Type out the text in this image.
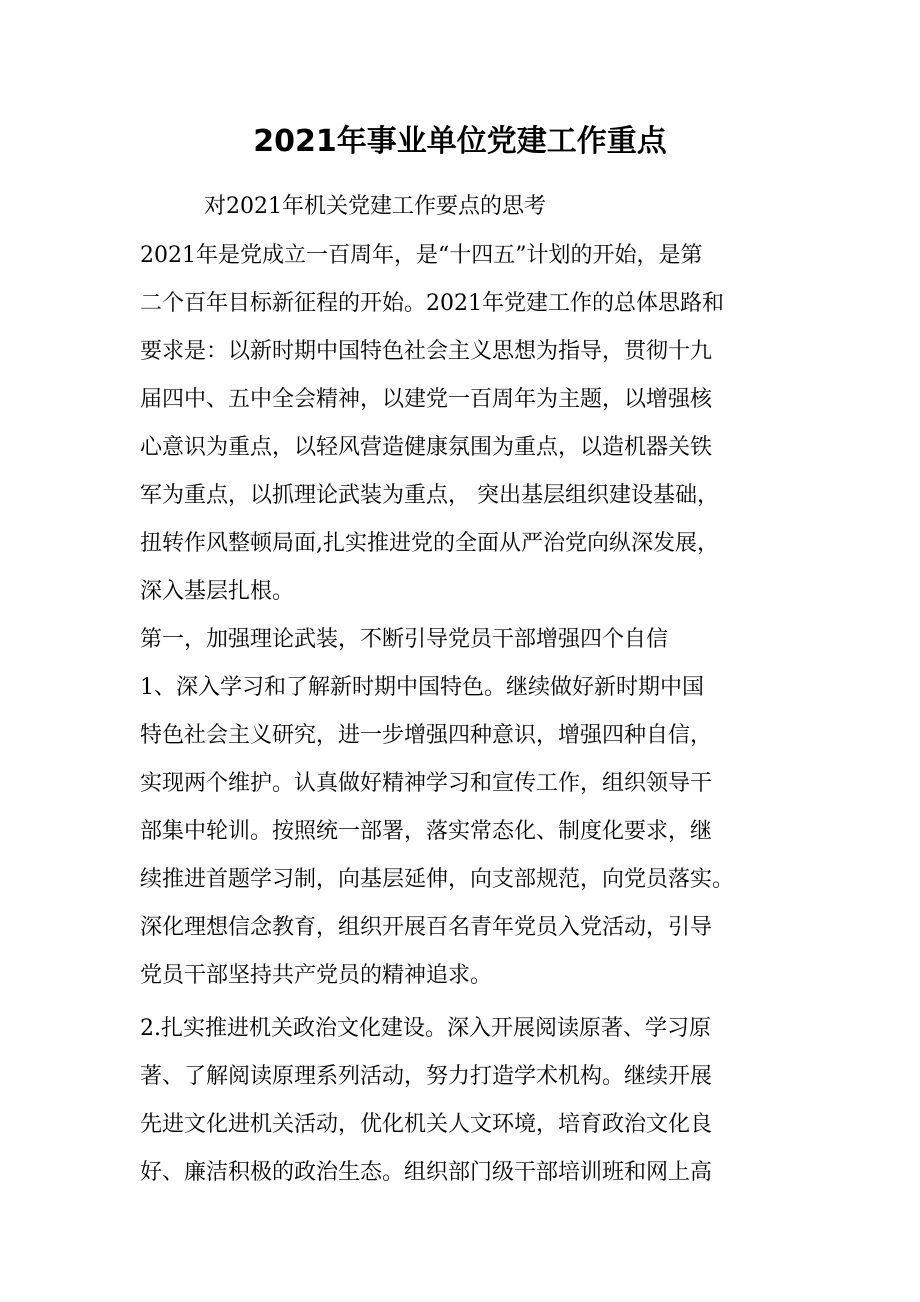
2021年事业单位党建工作重点
对2021年机关党建工作要点的思考
2021年是党成立一百周年，是“十四五”计划的开始，是第
二个百年目标新征程的开始。2021年党建工作的总体思路和
要求是：以新时期中国特色社会主义思想为指导，贯彻十九
届四中、五中全会精神，以建党一百周年为主题，以增强核
心意识为重点，以轻风营造健康氛围为重点，以造机器关铁
军为重点，以抓理论武装为重点， 突出基层组织建设基础，
扭转作风整顿局面,扎实推进党的全面从严治党向纵深发展，
深入基层扎根。
第一，加强理论武装，不断引导党员干部增强四个自信
1、深入学习和了解新时期中国特色。继续做好新时期中国
特色社会主义研究，进一步增强四种意识，增强四种自信，
实现两个维护。认真做好精神学习和宣传工作，组织领导干
部集中轮训。按照统一部署，落实常态化、制度化要求，继
续推进首题学习制，向基层延伸，向支部规范，向党员落实。
深化理想信念教育，组织开展百名青年党员入党活动，引导
党员干部坚持共产党员的精神追求。
2.扎实推进机关政治文化建设。深入开展阅读原著、学习原
著、了解阅读原理系列活动，努力打造学术机构。继续开展
先进文化进机关活动，优化机关人文环境，培育政治文化良
好、廉洁积极的政治生态。组织部门级干部培训班和网上高
